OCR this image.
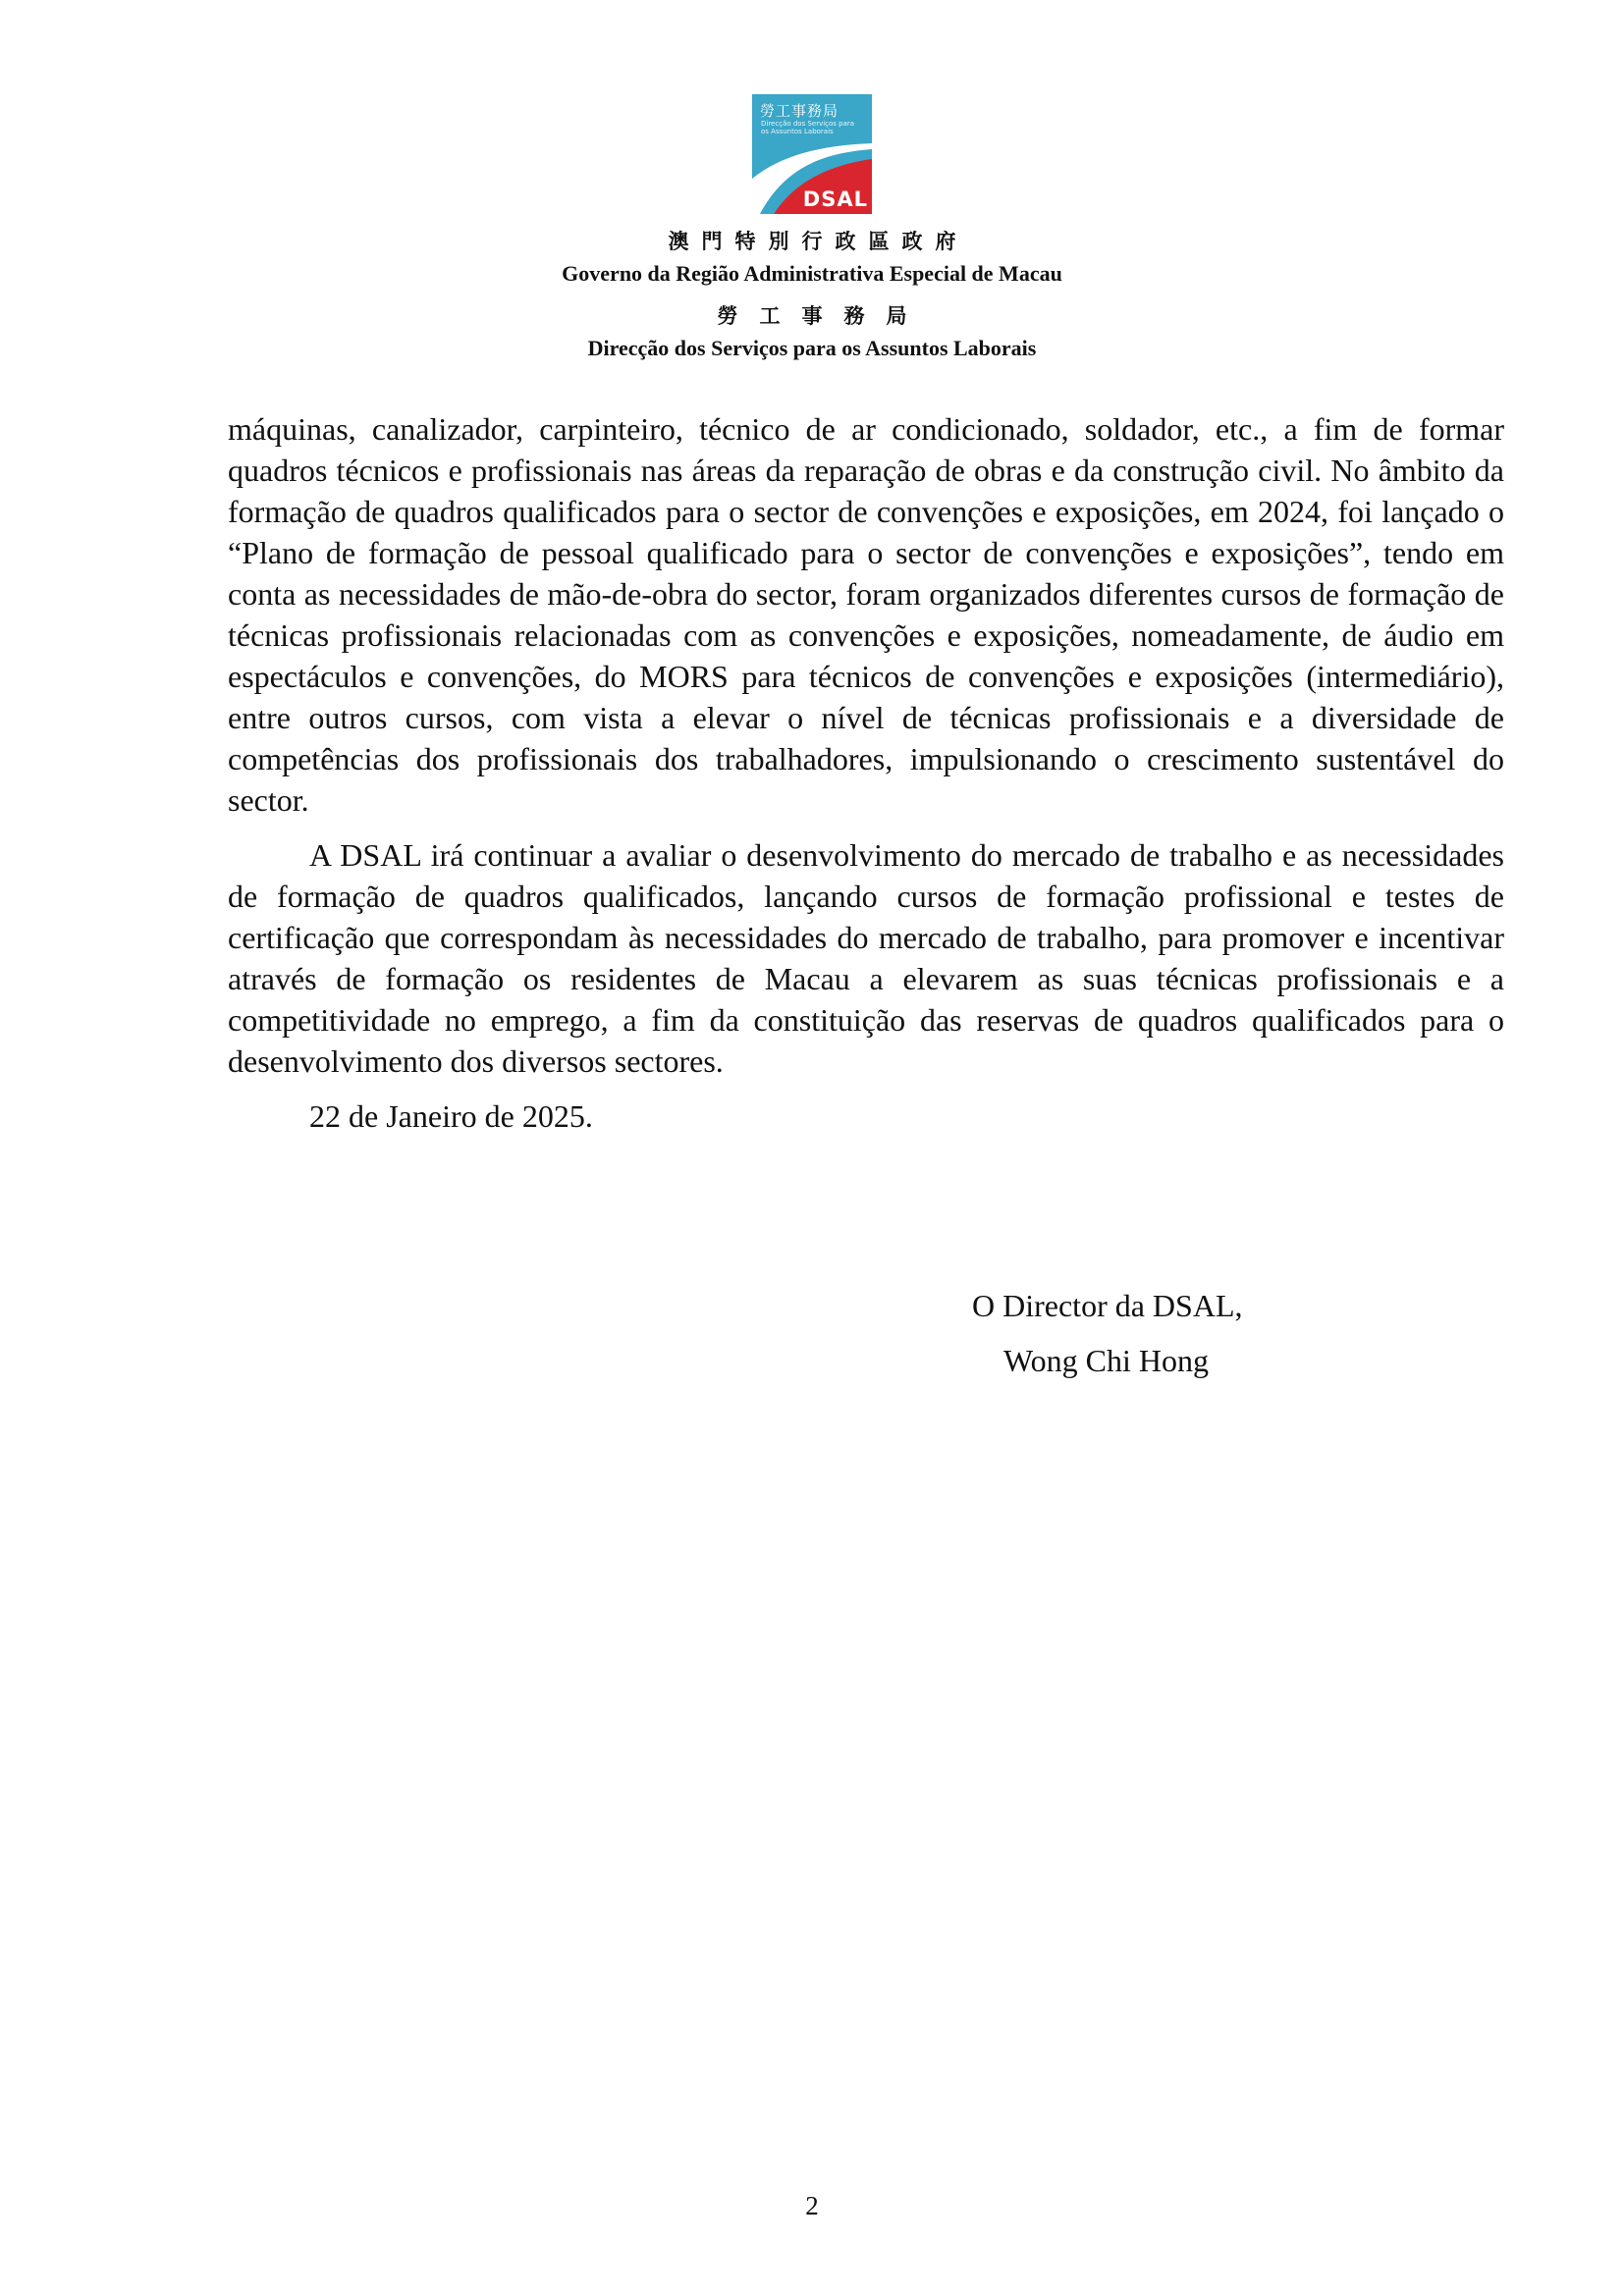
勞工事務局
Direcção dos Serviços para os Assuntos Laborais
DSAL
澳門特別行政區政府
Governo da Região Administrativa Especial de Macau
勞工事務局
Direcção dos Serviços para os Assuntos Laborais

máquinas, canalizador, carpinteiro, técnico de ar condicionado, soldador, etc., a fim de formar quadros técnicos e profissionais nas áreas da reparação de obras e da construção civil. No âmbito da formação de quadros qualificados para o sector de convenções e exposições, em 2024, foi lançado o “Plano de formação de pessoal qualificado para o sector de convenções e exposições”, tendo em conta as necessidades de mão-de-obra do sector, foram organizados diferentes cursos de formação de técnicas profissionais relacionadas com as convenções e exposições, nomeadamente, de áudio em espectáculos e convenções, do MORS para técnicos de convenções e exposições (intermediário), entre outros cursos, com vista a elevar o nível de técnicas profissionais e a diversidade de competências dos profissionais dos trabalhadores, impulsionando o crescimento sustentável do sector.

A DSAL irá continuar a avaliar o desenvolvimento do mercado de trabalho e as necessidades de formação de quadros qualificados, lançando cursos de formação profissional e testes de certificação que correspondam às necessidades do mercado de trabalho, para promover e incentivar através de formação os residentes de Macau a elevarem as suas técnicas profissionais e a competitividade no emprego, a fim da constituição das reservas de quadros qualificados para o desenvolvimento dos diversos sectores.

22 de Janeiro de 2025.

O Director da DSAL,
Wong Chi Hong
2
